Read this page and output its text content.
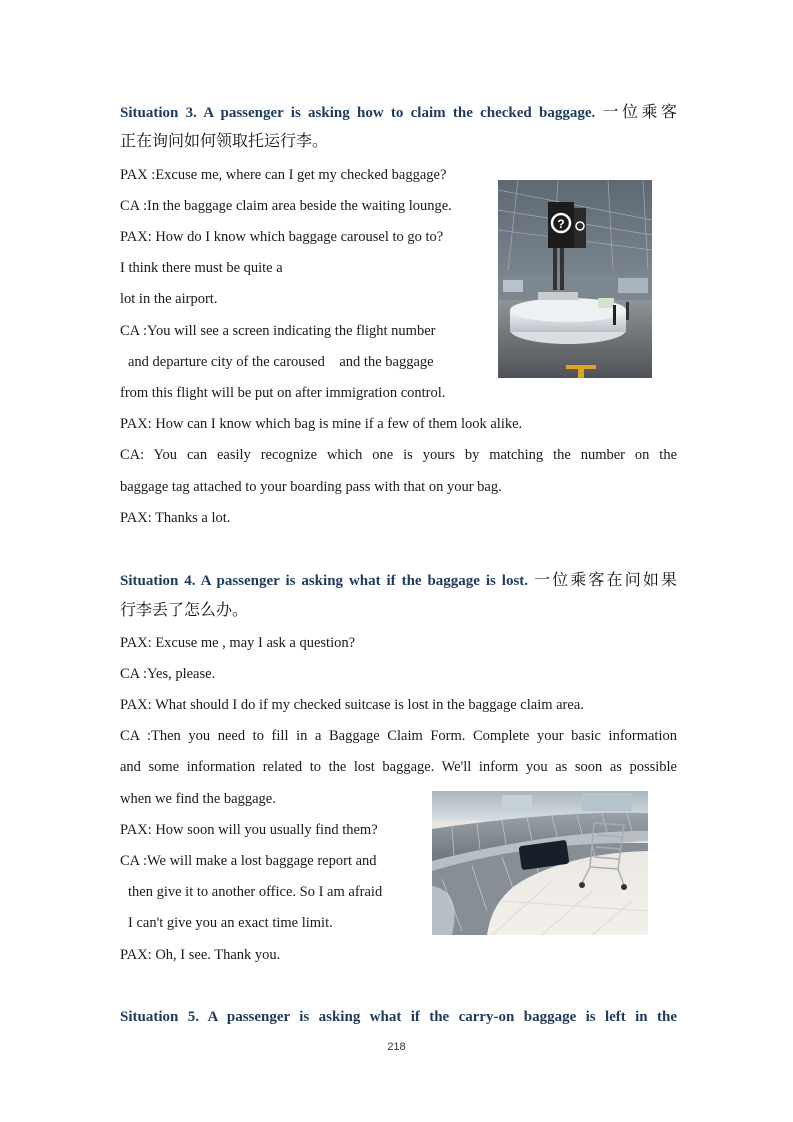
Situation 3. A passenger is asking how to claim the checked baggage. 一位乘客
正在询问如何领取托运行李。
PAX :Excuse me, where can I get my checked baggage?
CA :In the baggage claim area beside the waiting lounge.
PAX: How do I know which baggage carousel to go to?
I think there must be quite a
lot in the airport.
CA :You will see a screen indicating the flight number
and departure city of the caroused    and the baggage
from this flight will be put on after immigration control.
PAX: How can I know which bag is mine if a few of them look alike.
CA: You can easily recognize which one is yours by matching the number on the
baggage tag attached to your boarding pass with that on your bag.
PAX: Thanks a lot.
?
Situation 4. A passenger is asking what if the baggage is lost. 一位乘客在问如果
行李丢了怎么办。
PAX: Excuse me , may I ask a question?
CA :Yes, please.
PAX: What should I do if my checked suitcase is lost in the baggage claim area.
CA :Then you need to fill in a Baggage Claim Form. Complete your basic information
and some information related to the lost baggage. We'll inform you as soon as possible
when we find the baggage.
PAX: How soon will you usually find them?
CA :We will make a lost baggage report and
then give it to another office. So I am afraid
I can't give you an exact time limit.
PAX: Oh, I see. Thank you.
Situation 5. A passenger is asking what if the carry-on baggage is left in the
218
